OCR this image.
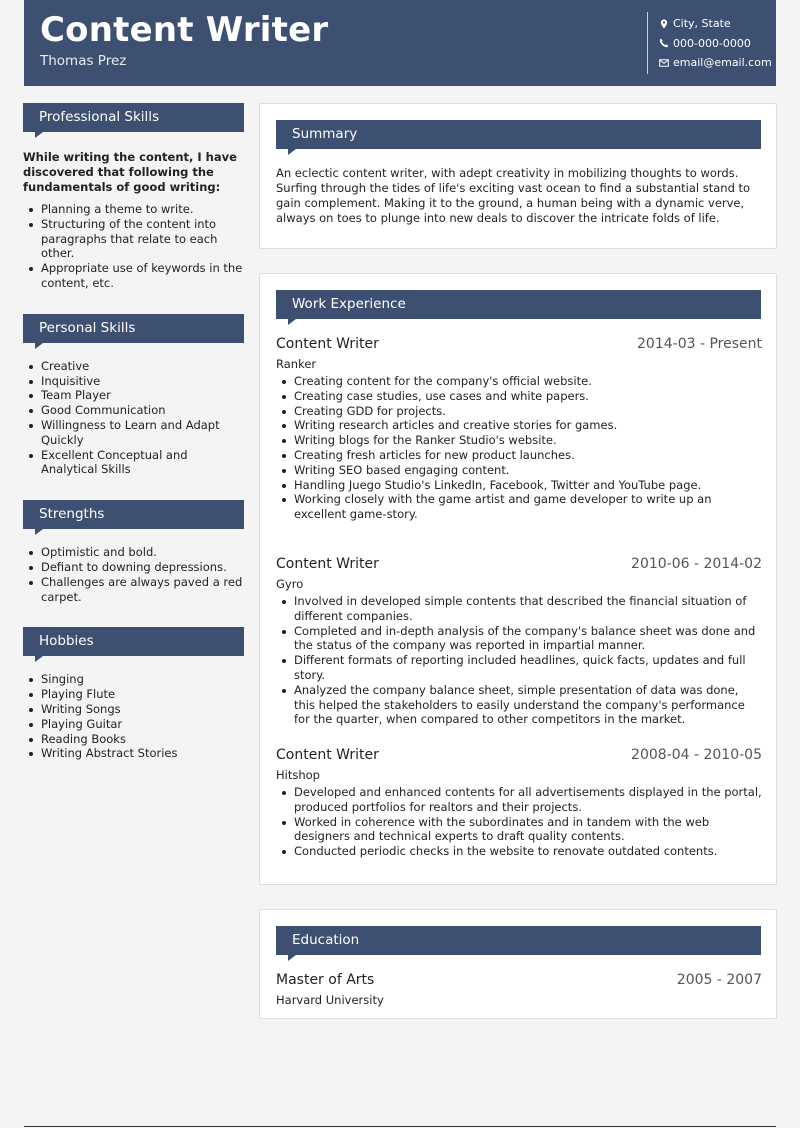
Content Writer
Thomas Prez
City, State
000-000-0000
email@email.com
Professional Skills
While writing the content, I have discovered that following the fundamentals of good writing:
Planning a theme to write.
Structuring of the content into paragraphs that relate to each other.
Appropriate use of keywords in the content, etc.
Personal Skills
Creative
Inquisitive
Team Player
Good Communication
Willingness to Learn and Adapt Quickly
Excellent Conceptual and Analytical Skills
Strengths
Optimistic and bold.
Defiant to downing depressions.
Challenges are always paved a red carpet.
Hobbies
Singing
Playing Flute
Writing Songs
Playing Guitar
Reading Books
Writing Abstract Stories
Summary
An eclectic content writer, with adept creativity in mobilizing thoughts to words. Surfing through the tides of life's exciting vast ocean to find a substantial stand to gain complement. Making it to the ground, a human being with a dynamic verve, always on toes to plunge into new deals to discover the intricate folds of life.
Work Experience
Content Writer	2014-03 - Present
Ranker
Creating content for the company's official website.
Creating case studies, use cases and white papers.
Creating GDD for projects.
Writing research articles and creative stories for games.
Writing blogs for the Ranker Studio's website.
Creating fresh articles for new product launches.
Writing SEO based engaging content.
Handling Juego Studio's LinkedIn, Facebook, Twitter and YouTube page.
Working closely with the game artist and game developer to write up an excellent game-story.
Content Writer	2010-06 - 2014-02
Gyro
Involved in developed simple contents that described the financial situation of different companies.
Completed and in-depth analysis of the company's balance sheet was done and the status of the company was reported in impartial manner.
Different formats of reporting included headlines, quick facts, updates and full story.
Analyzed the company balance sheet, simple presentation of data was done, this helped the stakeholders to easily understand the company's performance for the quarter, when compared to other competitors in the market.
Content Writer	2008-04 - 2010-05
Hitshop
Developed and enhanced contents for all advertisements displayed in the portal, produced portfolios for realtors and their projects.
Worked in coherence with the subordinates and in tandem with the web designers and technical experts to draft quality contents.
Conducted periodic checks in the website to renovate outdated contents.
Education
Master of Arts	2005 - 2007
Harvard University
